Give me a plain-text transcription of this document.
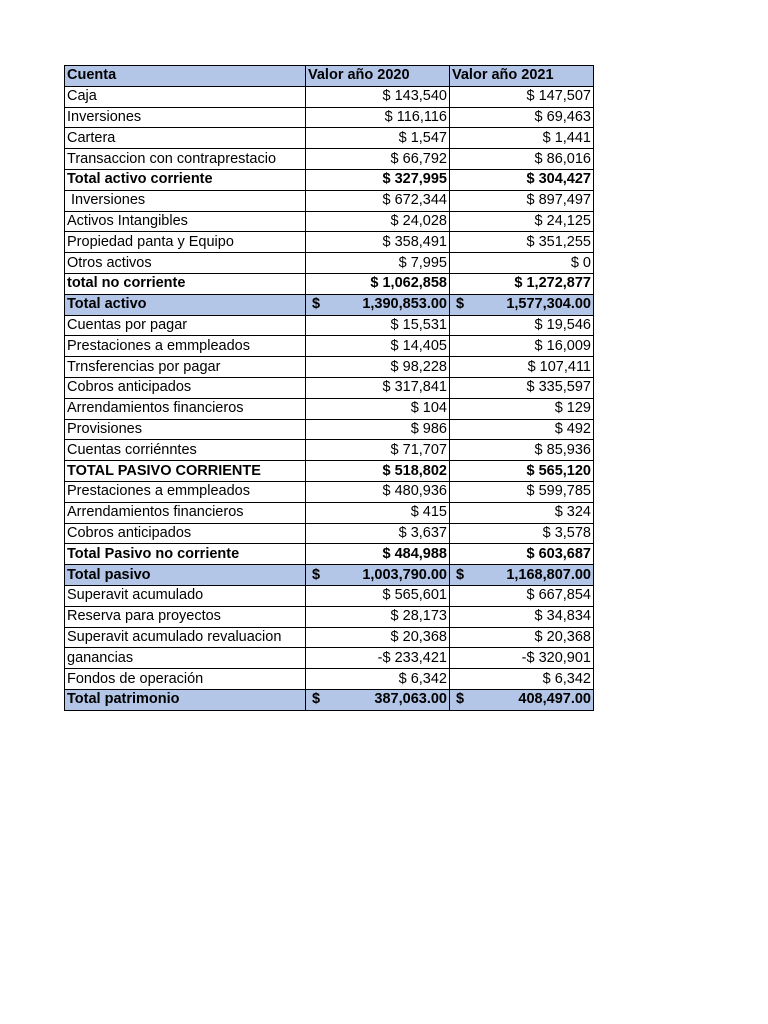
Cuenta	Valor año 2020	Valor año 2021
Caja	$ 143,540	$ 147,507
Inversiones	$ 116,116	$ 69,463
Cartera	$ 1,547	$ 1,441
Transaccion con contraprestacio	$ 66,792	$ 86,016
Total activo corriente	$ 327,995	$ 304,427
Inversiones	$ 672,344	$ 897,497
Activos Intangibles	$ 24,028	$ 24,125
Propiedad panta y Equipo	$ 358,491	$ 351,255
Otros activos	$ 7,995	$ 0
total no corriente	$ 1,062,858	$ 1,272,877
Total activo	$ 1,390,853.00	$ 1,577,304.00

Cuentas por pagar	$ 15,531	$ 19,546
Prestaciones a emmpleados	$ 14,405	$ 16,009
Trnsferencias por pagar	$ 98,228	$ 107,411
Cobros anticipados	$ 317,841	$ 335,597
Arrendamientos financieros	$ 104	$ 129
Provisiones	$ 986	$ 492
Cuentas corriénntes	$ 71,707	$ 85,936
TOTAL PASIVO CORRIENTE	$ 518,802	$ 565,120
Prestaciones a emmpleados	$ 480,936	$ 599,785
Arrendamientos financieros	$ 415	$ 324
Cobros anticipados	$ 3,637	$ 3,578
Total Pasivo no corriente	$ 484,988	$ 603,687
Total pasivo	$ 1,003,790.00	$ 1,168,807.00

Superavit acumulado	$ 565,601	$ 667,854
Reserva para proyectos	$ 28,173	$ 34,834
Superavit acumulado revaluacion	$ 20,368	$ 20,368
ganancias	-$ 233,421	-$ 320,901
Fondos de operación	$ 6,342	$ 6,342
Total patrimonio	$ 387,063.00	$ 408,497.00
